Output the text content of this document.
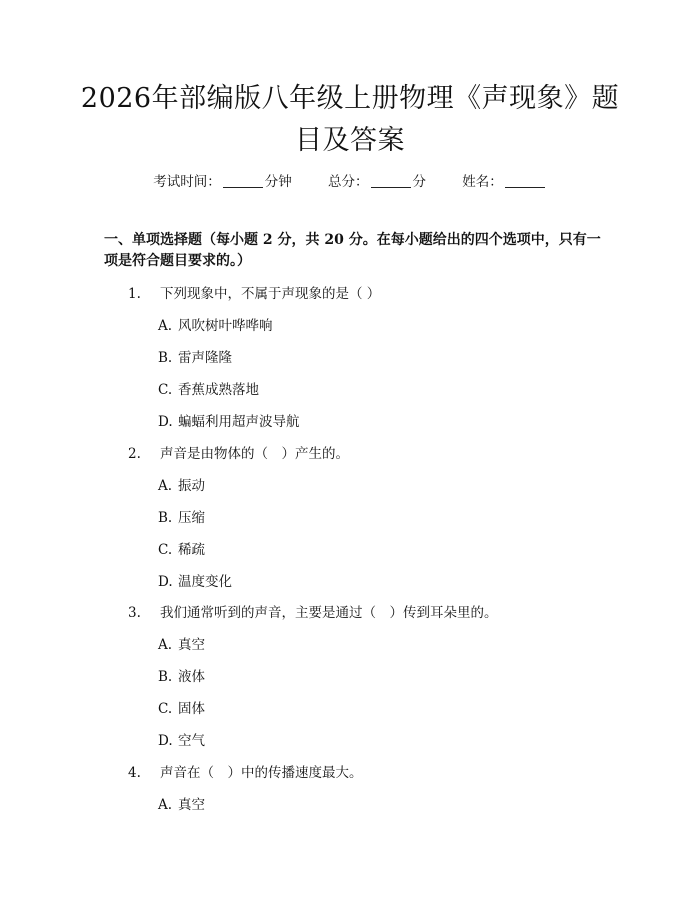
2026年部编版八年级上册物理《声现象》题
目及答案
考试时间：	分钟	总分：	分	姓名：
一、单项选择题（每小题 2 分，共 20 分。在每小题给出的四个选项中，只有一项是符合题目要求的。）
1. 下列现象中，不属于声现象的是（ ）
A. 风吹树叶哗哗响
B. 雷声隆隆
C. 香蕉成熟落地
D. 蝙蝠利用超声波导航
2. 声音是由物体的（　）产生的。
A. 振动
B. 压缩
C. 稀疏
D. 温度变化
3. 我们通常听到的声音，主要是通过（　）传到耳朵里的。
A. 真空
B. 液体
C. 固体
D. 空气
4. 声音在（　）中的传播速度最大。
A. 真空
